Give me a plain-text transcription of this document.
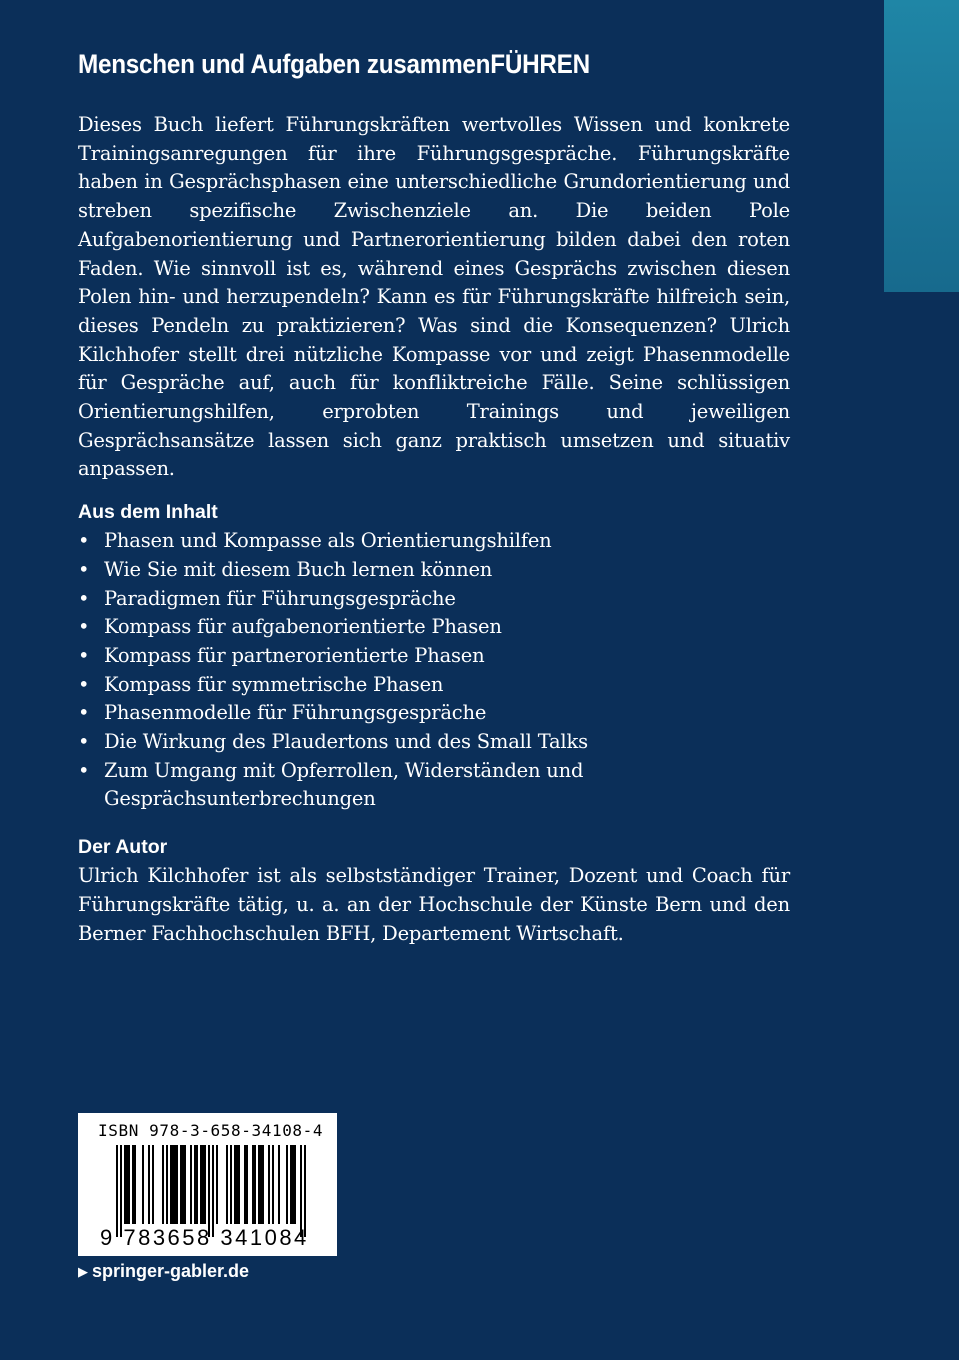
Menschen und Aufgaben zusammenFÜHREN

Dieses Buch liefert Führungskräften wertvolles Wissen und konkrete Trainingsanregungen für ihre Führungsgespräche. Führungskräfte haben in Gesprächsphasen eine unterschiedliche Grundorientierung und streben spezifische Zwischenziele an. Die beiden Pole Aufgabenorientierung und Partnerorientierung bilden dabei den roten Faden. Wie sinnvoll ist es, während eines Gesprächs zwischen diesen Polen hin- und herzupendeln? Kann es für Führungskräfte hilfreich sein, dieses Pendeln zu praktizieren? Was sind die Konsequenzen? Ulrich Kilchhofer stellt drei nützliche Kompasse vor und zeigt Phasenmodelle für Gespräche auf, auch für konfliktreiche Fälle. Seine schlüssigen Orientierungshilfen, erprobten Trainings und jeweiligen Gesprächsansätze lassen sich ganz praktisch umsetzen und situativ anpassen.

Aus dem Inhalt
• Phasen und Kompasse als Orientierungshilfen
• Wie Sie mit diesem Buch lernen können
• Paradigmen für Führungsgespräche
• Kompass für aufgabenorientierte Phasen
• Kompass für partnerorientierte Phasen
• Kompass für symmetrische Phasen
• Phasenmodelle für Führungsgespräche
• Die Wirkung des Plaudertons und des Small Talks
• Zum Umgang mit Opferrollen, Widerständen und Gesprächsunterbrechungen
Der Autor

Ulrich Kilchhofer ist als selbstständiger Trainer, Dozent und Coach für Führungskräfte tätig, u. a. an der Hochschule der Künste Bern und den Berner Fachhochschulen BFH, Departement Wirtschaft.

ISBN 978-3-658-34108-4
9 783658 341084
▶ springer-gabler.de
